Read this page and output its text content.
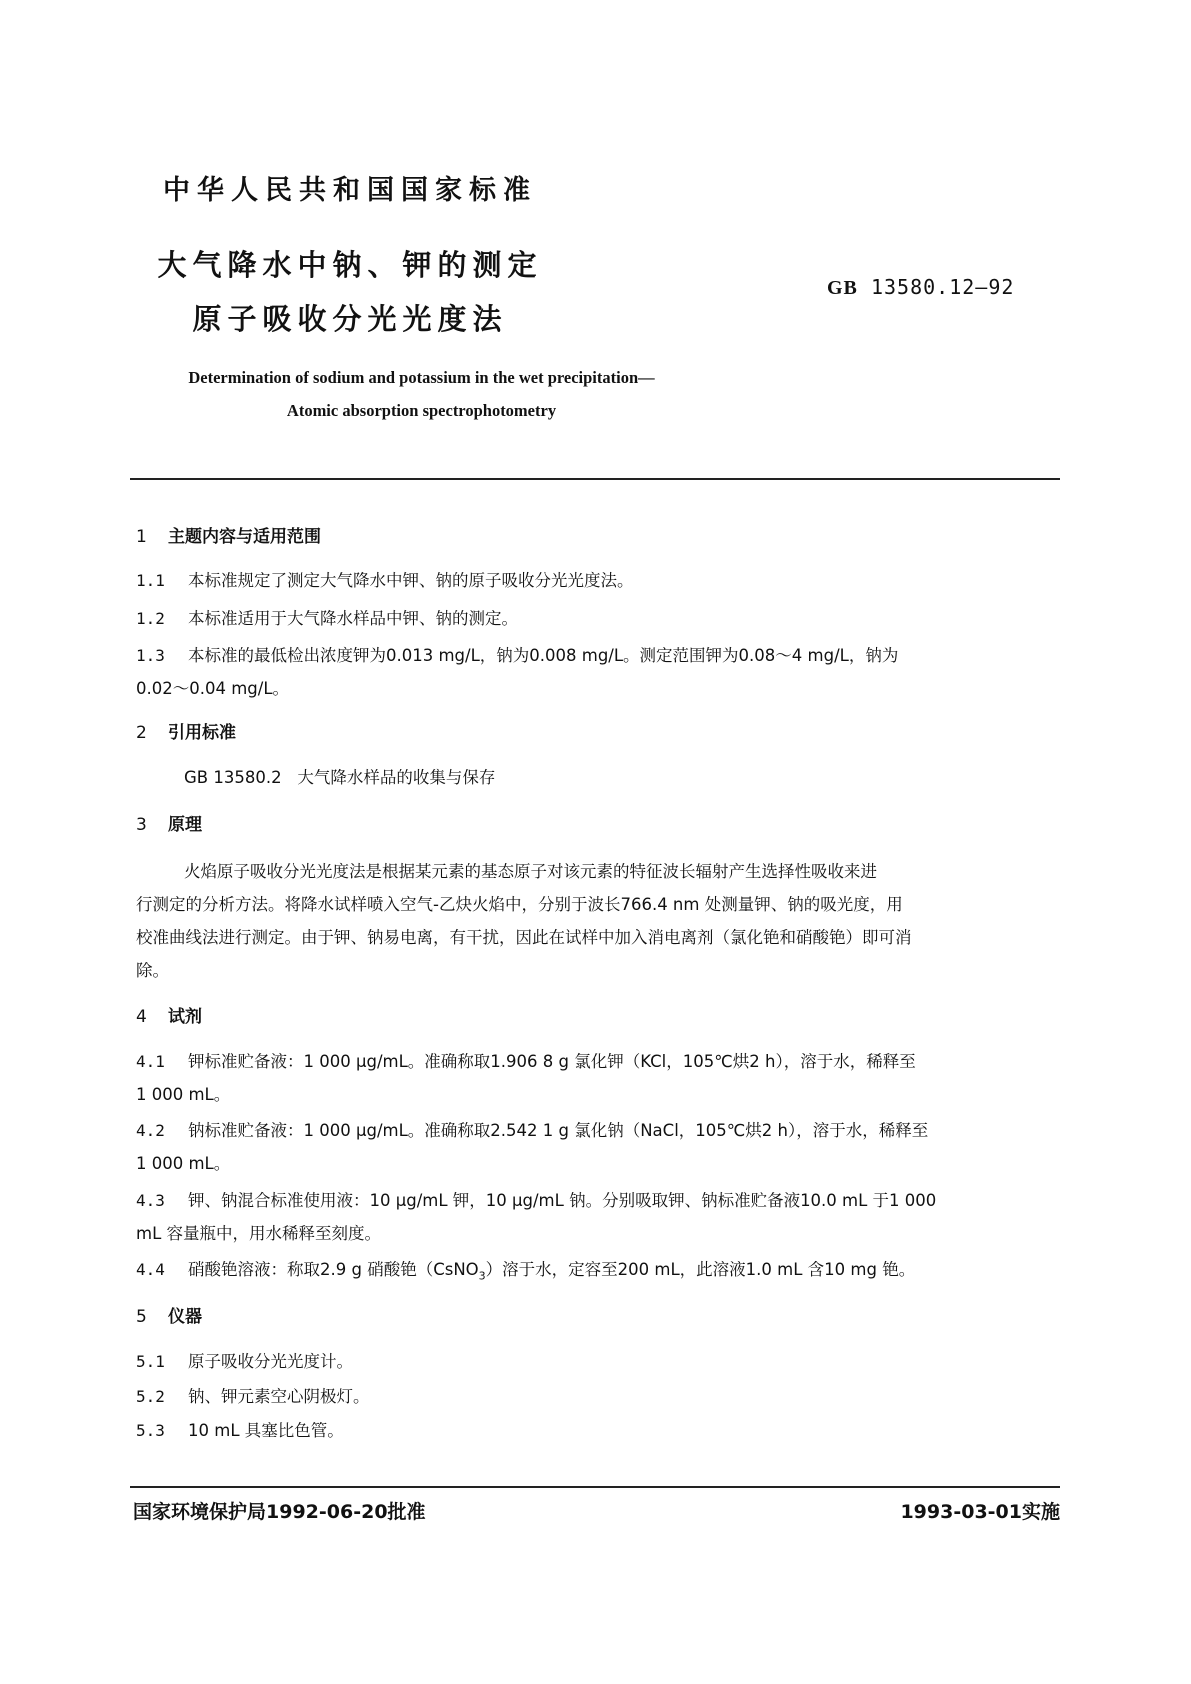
中华人民共和国国家标准
大气降水中钠、钾的测定
原子吸收分光光度法
GB 13580.12—92
Determination of sodium and potassium in the wet precipitation—
Atomic absorption spectrophotometry
1 主题内容与适用范围
1.1 本标准规定了测定大气降水中钾、钠的原子吸收分光光度法。
1.2 本标准适用于大气降水样品中钾、钠的测定。
1.3 本标准的最低检出浓度钾为0.013 mg/L，钠为0.008 mg/L。测定范围钾为0.08～4 mg/L，钠为
0.02～0.04 mg/L。
2 引用标准
GB 13580.2   大气降水样品的收集与保存
3 原理
火焰原子吸收分光光度法是根据某元素的基态原子对该元素的特征波长辐射产生选择性吸收来进
行测定的分析方法。将降水试样喷入空气-乙炔火焰中，分别于波长766.4 nm 处测量钾、钠的吸光度，用
校准曲线法进行测定。由于钾、钠易电离，有干扰，因此在试样中加入消电离剂（氯化铯和硝酸铯）即可消
除。
4 试剂
4.1 钾标准贮备液：1 000 μg/mL。准确称取1.906 8 g 氯化钾（KCl，105℃烘2 h），溶于水，稀释至
1 000 mL。
4.2 钠标准贮备液：1 000 μg/mL。准确称取2.542 1 g 氯化钠（NaCl，105℃烘2 h），溶于水，稀释至
1 000 mL。
4.3 钾、钠混合标准使用液：10 μg/mL 钾，10 μg/mL 钠。分别吸取钾、钠标准贮备液10.0 mL 于1 000
mL 容量瓶中，用水稀释至刻度。
4.4 硝酸铯溶液：称取2.9 g 硝酸铯（CsNO$_3$）溶于水，定容至200 mL，此溶液1.0 mL 含10 mg 铯。
5 仪器
5.1 原子吸收分光光度计。
5.2 钠、钾元素空心阴极灯。
5.3 10 mL 具塞比色管。
国家环境保护局1992-06-20批准	1993-03-01实施
